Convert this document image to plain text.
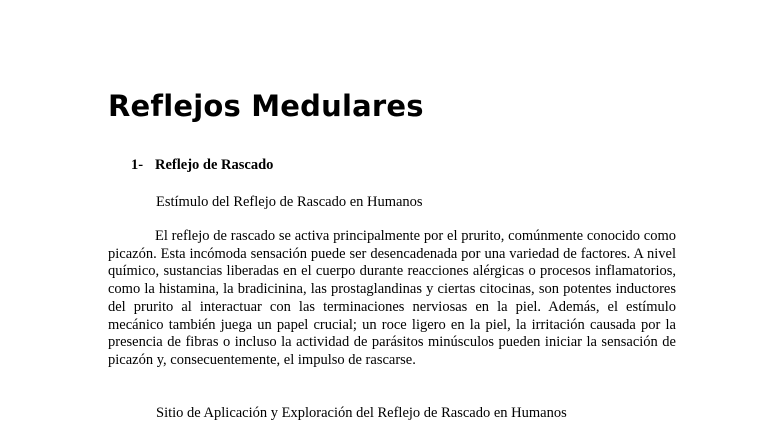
Reflejos Medulares
1- Reflejo de Rascado
Estímulo del Reflejo de Rascado en Humanos

El reflejo de rascado se activa principalmente por el prurito, comúnmente conocido como picazón. Esta incómoda sensación puede ser desencadenada por una variedad de factores. A nivel químico, sustancias liberadas en el cuerpo durante reacciones alérgicas o procesos inflamatorios, como la histamina, la bradicinina, las prostaglandinas y ciertas citocinas, son potentes inductores del prurito al interactuar con las terminaciones nerviosas en la piel. Además, el estímulo mecánico también juega un papel crucial; un roce ligero en la piel, la irritación causada por la presencia de fibras o incluso la actividad de parásitos minúsculos pueden iniciar la sensación de picazón y, consecuentemente, el impulso de rascarse.

Sitio de Aplicación y Exploración del Reflejo de Rascado en Humanos
